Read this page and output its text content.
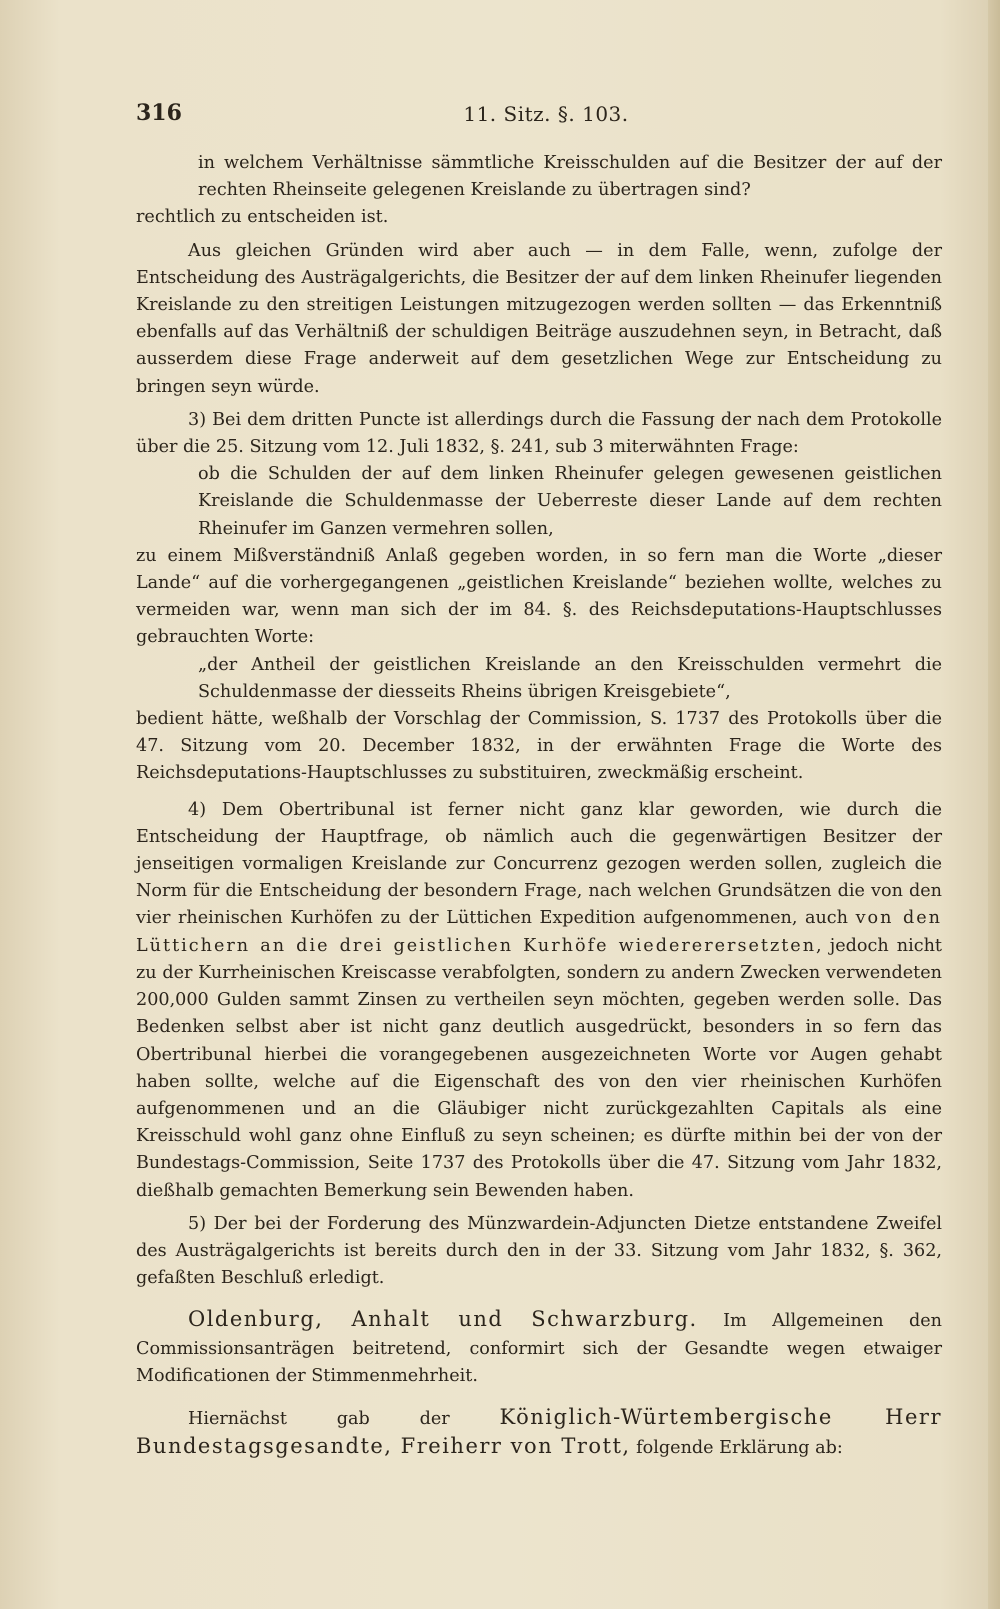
316	11. Sitz. §. 103.

in welchem Verhältnisse sämmtliche Kreisschulden auf die Besitzer der auf der rechten Rheinseite gelegenen Kreislande zu übertragen sind?

rechtlich zu entscheiden ist.

Aus gleichen Gründen wird aber auch — in dem Falle, wenn, zufolge der Entscheidung des Austrägalgerichts, die Besitzer der auf dem linken Rheinufer liegenden Kreislande zu den streitigen Leistungen mitzugezogen werden sollten — das Erkenntniß ebenfalls auf das Verhältniß der schuldigen Beiträge auszudehnen seyn, in Betracht, daß ausserdem diese Frage anderweit auf dem gesetzlichen Wege zur Entscheidung zu bringen seyn würde.

3) Bei dem dritten Puncte ist allerdings durch die Fassung der nach dem Protokolle über die 25. Sitzung vom 12. Juli 1832, §. 241, sub 3 miterwähnten Frage:

ob die Schulden der auf dem linken Rheinufer gelegen gewesenen geistlichen Kreislande die Schuldenmasse der Ueberreste dieser Lande auf dem rechten Rheinufer im Ganzen vermehren sollen,

zu einem Mißverständniß Anlaß gegeben worden, in so fern man die Worte „dieser Lande“ auf die vorhergegangenen „geistlichen Kreislande“ beziehen wollte, welches zu vermeiden war, wenn man sich der im 84. §. des Reichsdeputations-Hauptschlusses gebrauchten Worte:

„der Antheil der geistlichen Kreislande an den Kreisschulden vermehrt die Schuldenmasse der diesseits Rheins übrigen Kreisgebiete“,

bedient hätte, weßhalb der Vorschlag der Commission, S. 1737 des Protokolls über die 47. Sitzung vom 20. December 1832, in der erwähnten Frage die Worte des Reichsdeputations-Hauptschlusses zu substituiren, zweckmäßig erscheint.

4) Dem Obertribunal ist ferner nicht ganz klar geworden, wie durch die Entscheidung der Hauptfrage, ob nämlich auch die gegenwärtigen Besitzer der jenseitigen vormaligen Kreislande zur Concurrenz gezogen werden sollen, zugleich die Norm für die Entscheidung der besondern Frage, nach welchen Grundsätzen die von den vier rheinischen Kurhöfen zu der Lüttichen Expedition aufgenommenen, auch von den Lüttichern an die drei geistlichen Kurhöfe wiedererersetzten, jedoch nicht zu der Kurrheinischen Kreiscasse verabfolgten, sondern zu andern Zwecken verwendeten 200,000 Gulden sammt Zinsen zu vertheilen seyn möchten, gegeben werden solle. Das Bedenken selbst aber ist nicht ganz deutlich ausgedrückt, besonders in so fern das Obertribunal hierbei die vorangegebenen ausgezeichneten Worte vor Augen gehabt haben sollte, welche auf die Eigenschaft des von den vier rheinischen Kurhöfen aufgenommenen und an die Gläubiger nicht zurückgezahlten Capitals als eine Kreisschuld wohl ganz ohne Einfluß zu seyn scheinen; es dürfte mithin bei der von der Bundestags-Commission, Seite 1737 des Protokolls über die 47. Sitzung vom Jahr 1832, dießhalb gemachten Bemerkung sein Bewenden haben.

5) Der bei der Forderung des Münzwardein-Adjuncten Dietze entstandene Zweifel des Austrägalgerichts ist bereits durch den in der 33. Sitzung vom Jahr 1832, §. 362, gefaßten Beschluß erledigt.

Oldenburg, Anhalt und Schwarzburg. Im Allgemeinen den Commissionsanträgen beitretend, conformirt sich der Gesandte wegen etwaiger Modificationen der Stimmenmehrheit.

Hiernächst gab der Königlich-Würtembergische Herr Bundestagsgesandte, Freiherr von Trott, folgende Erklärung ab:
